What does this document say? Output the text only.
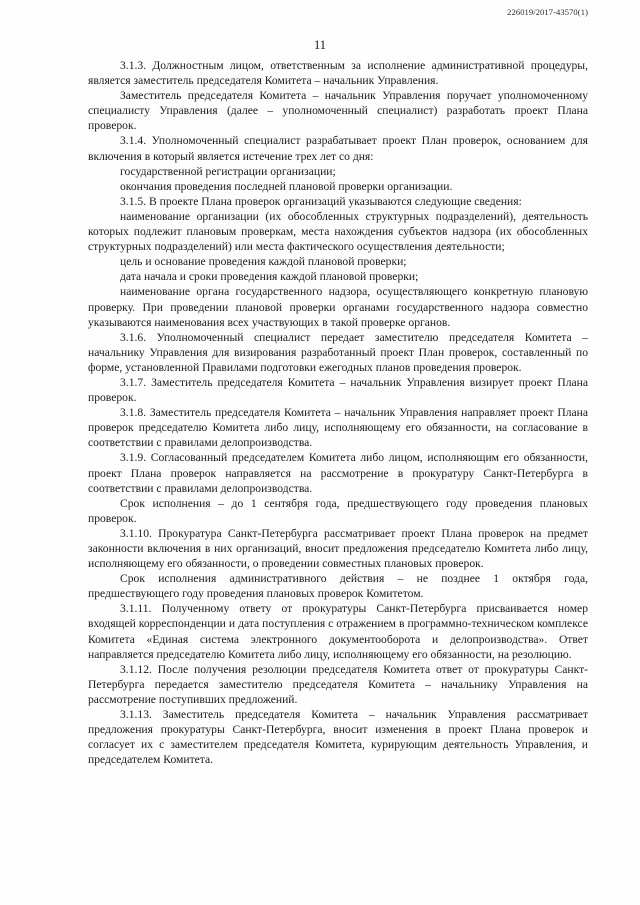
226019/2017-43570(1)
11

3.1.3. Должностным лицом, ответственным за исполнение административной процедуры, является заместитель председателя Комитета – начальник Управления.

Заместитель председателя Комитета – начальник Управления поручает уполномоченному специалисту Управления (далее – уполномоченный специалист) разработать проект Плана проверок.

3.1.4. Уполномоченный специалист разрабатывает проект План проверок, основанием для включения в который является истечение трех лет со дня:

государственной регистрации организации;

окончания проведения последней плановой проверки организации.

3.1.5. В проекте Плана проверок организаций указываются следующие сведения:

наименование организации (их обособленных структурных подразделений), деятельность которых подлежит плановым проверкам, места нахождения субъектов надзора (их обособленных структурных подразделений) или места фактического осуществления деятельности;

цель и основание проведения каждой плановой проверки;

дата начала и сроки проведения каждой плановой проверки;

наименование органа государственного надзора, осуществляющего конкретную плановую проверку. При проведении плановой проверки органами государственного надзора совместно указываются наименования всех участвующих в такой проверке органов.

3.1.6. Уполномоченный специалист передает заместителю председателя Комитета – начальнику Управления для визирования разработанный проект План проверок, составленный по форме, установленной Правилами подготовки ежегодных планов проведения проверок.

3.1.7. Заместитель председателя Комитета – начальник Управления визирует проект Плана проверок.

3.1.8. Заместитель председателя Комитета – начальник Управления направляет проект Плана проверок председателю Комитета либо лицу, исполняющему его обязанности, на согласование в соответствии с правилами делопроизводства.

3.1.9. Согласованный председателем Комитета либо лицом, исполняющим его обязанности, проект Плана проверок направляется на рассмотрение в прокуратуру Санкт-Петербурга в соответствии с правилами делопроизводства.

Срок исполнения – до 1 сентября года, предшествующего году проведения плановых проверок.

3.1.10. Прокуратура Санкт-Петербурга рассматривает проект Плана проверок на предмет законности включения в них организаций, вносит предложения председателю Комитета либо лицу, исполняющему его обязанности, о проведении совместных плановых проверок.

Срок исполнения административного действия – не позднее 1 октября года, предшествующего году проведения плановых проверок Комитетом.

3.1.11. Полученному ответу от прокуратуры Санкт-Петербурга присваивается номер входящей корреспонденции и дата поступления с отражением в программно-техническом комплексе Комитета «Единая система электронного документооборота и делопроизводства». Ответ направляется председателю Комитета либо лицу, исполняющему его обязанности, на резолюцию.

3.1.12. После получения резолюции председателя Комитета ответ от прокуратуры Санкт-Петербурга передается заместителю председателя Комитета – начальнику Управления на рассмотрение поступивших предложений.

3.1.13. Заместитель председателя Комитета – начальник Управления рассматривает предложения прокуратуры Санкт-Петербурга, вносит изменения в проект Плана проверок и согласует их с заместителем председателя Комитета, курирующим деятельность Управления, и председателем Комитета.
